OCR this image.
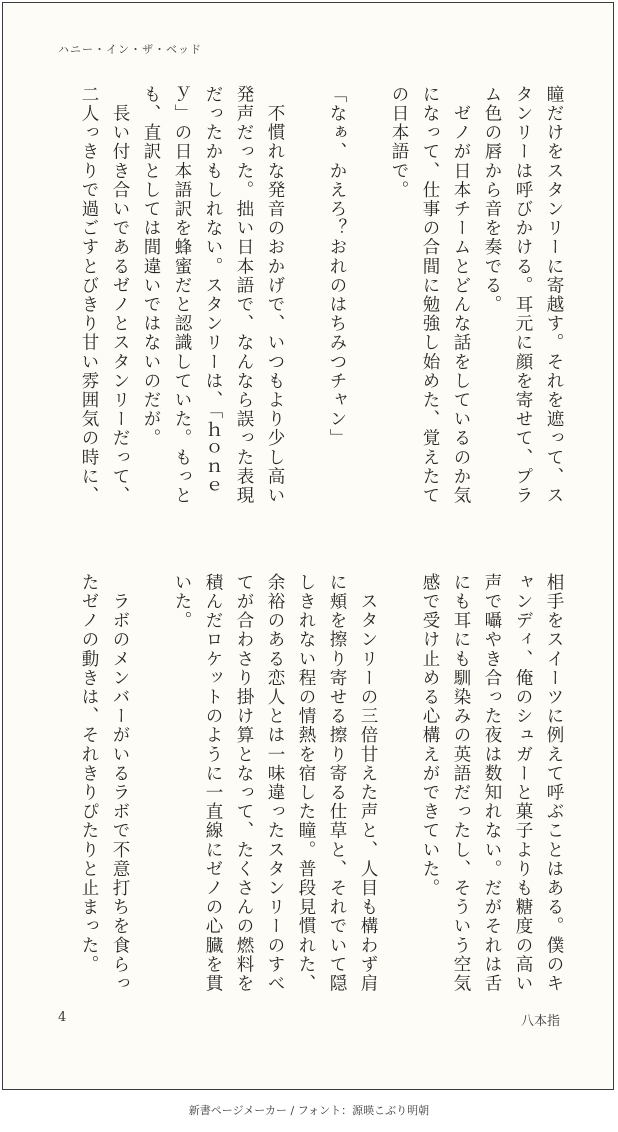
ハニー・イン・ザ・ベッド
瞳だけをスタンリーに寄越す。それを遮って、ス
タンリーは呼びかける。耳元に顔を寄せて、プラ
ム色の唇から音を奏でる。
　ゼノが日本チームとどんな話をしているのか気
になって、仕事の合間に勉強し始めた、覚えたて
の日本語で。
「なぁ、かえろ？おれのはちみつチャン」
　不慣れな発音のおかげで、いつもより少し高い
発声だった。拙い日本語で、なんなら誤った表現
だったかもしれない。スタンリーは、「ｈｏｎｅ
ｙ」の日本語訳を蜂蜜だと認識していた。もっと
も、直訳としては間違いではないのだが。
　長い付き合いであるゼノとスタンリーだって、
二人っきりで過ごすとびきり甘い雰囲気の時に、
相手をスイーツに例えて呼ぶことはある。僕のキ
ャンディ、俺のシュガーと菓子よりも糖度の高い
声で囁やき合った夜は数知れない。だがそれは舌
にも耳にも馴染みの英語だったし、そういう空気
感で受け止める心構えができていた。
　スタンリーの三倍甘えた声と、人目も構わず肩
に頬を擦り寄せる擦り寄る仕草と、それでいて隠
しきれない程の情熱を宿した瞳。普段見慣れた、
余裕のある恋人とは一味違ったスタンリーのすべ
てが合わさり掛け算となって、たくさんの燃料を
積んだロケットのように一直線にゼノの心臓を貫
いた。
　ラボのメンバーがいるラボで不意打ちを食らっ
たゼノの動きは、それきりぴたりと止まった。
4	八本指
新書ページメーカー / フォント：源暎こぶり明朝
